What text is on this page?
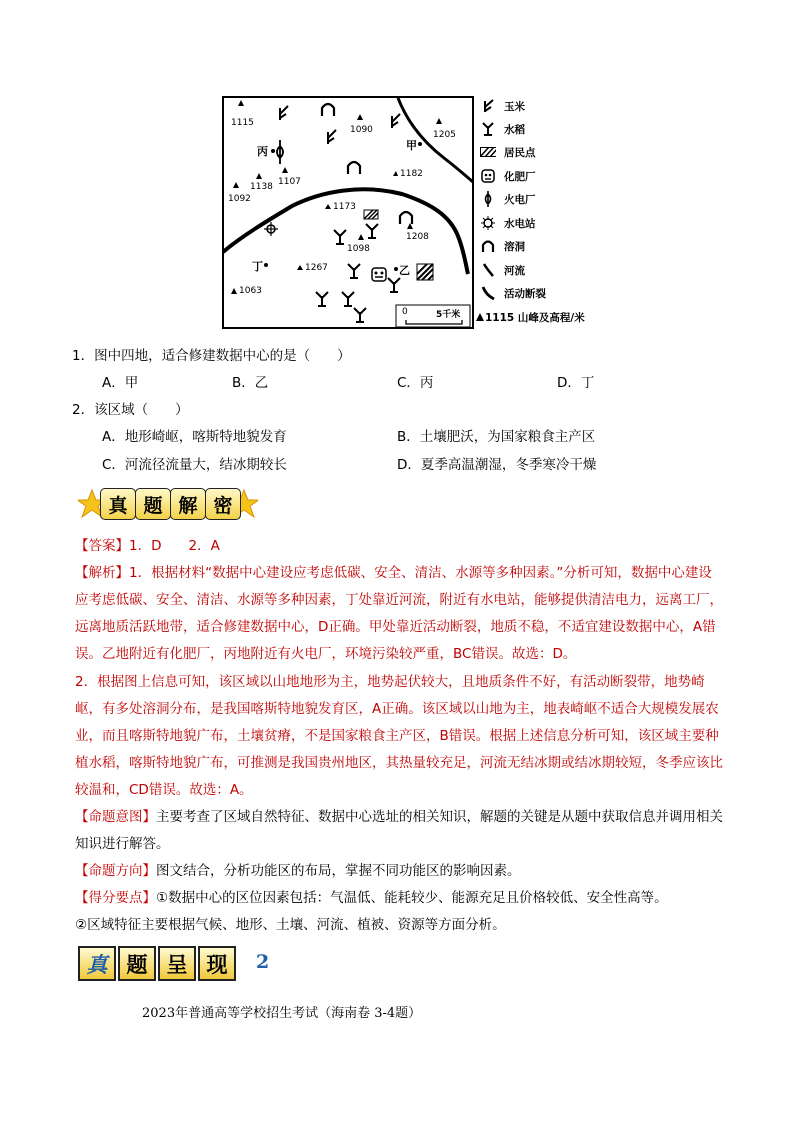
1115
1090	1205
1138 1107
1092
1182
1173
1208
1098
1267
1063
丙	甲
丁	乙
0	5千米
玉米
水稻
居民点
化肥厂
火电厂
水电站
溶洞
河流
活动断裂
1115 山峰及高程/米
1．图中四地，适合修建数据中心的是（　　）
A．甲	B．乙	C．丙	D．丁
2．该区域（　　）
A．地形崎岖，喀斯特地貌发育	B．土壤肥沃，为国家粮食主产区
C．河流径流量大，结冰期较长	D．夏季高温潮湿，冬季寒冷干燥
真 题 解 密

【答案】1．D　　2．A

【解析】1．根据材料“数据中心建设应考虑低碳、安全、清洁、水源等多种因素。”分析可知，数据中心建设应考虑低碳、安全、清洁、水源等多种因素，丁处靠近河流，附近有水电站，能够提供清洁电力，远离工厂，远离地质活跃地带，适合修建数据中心，D正确。甲处靠近活动断裂，地质不稳，不适宜建设数据中心，A错误。乙地附近有化肥厂，丙地附近有火电厂，环境污染较严重，BC错误。故选：D。

2．根据图上信息可知，该区域以山地地形为主，地势起伏较大，且地质条件不好，有活动断裂带，地势崎岖，有多处溶洞分布，是我国喀斯特地貌发育区，A正确。该区域以山地为主，地表崎岖不适合大规模发展农业，而且喀斯特地貌广布，土壤贫瘠，不是国家粮食主产区，B错误。根据上述信息分析可知，该区域主要种植水稻，喀斯特地貌广布，可推测是我国贵州地区，其热量较充足，河流无结冰期或结冰期较短，冬季应该比较温和，CD错误。故选：A。

【命题意图】主要考查了区域自然特征、数据中心选址的相关知识，解题的关键是从题中获取信息并调用相关知识进行解答。

【命题方向】图文结合，分析功能区的布局，掌握不同功能区的影响因素。

【得分要点】①数据中心的区位因素包括：气温低、能耗较少、能源充足且价格较低、安全性高等。

②区域特征主要根据气候、地形、土壤、河流、植被、资源等方面分析。

真 题 呈 现	2
2023年普通高等学校招生考试（海南卷 3-4题）
